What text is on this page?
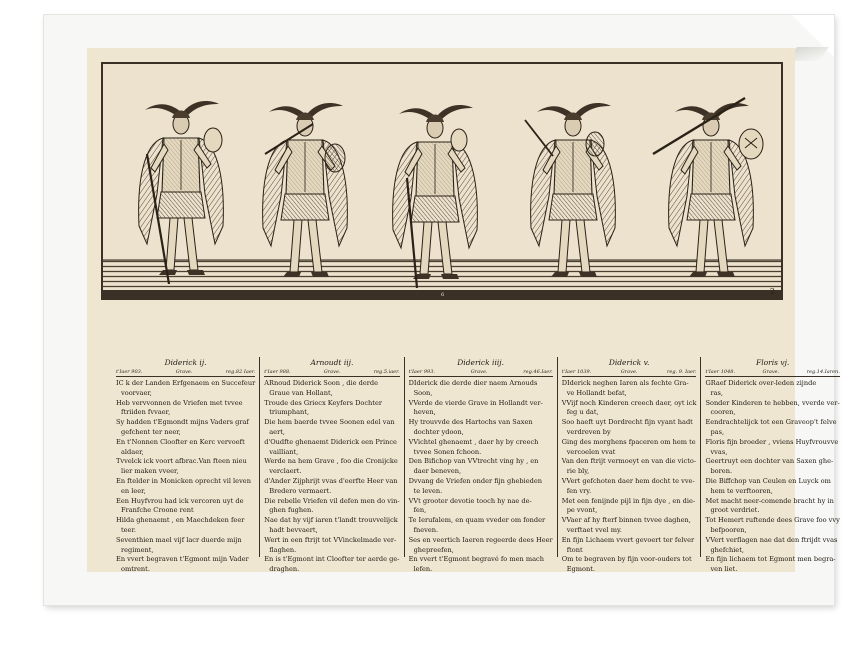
6	2
Diderick ij.
t'Iaer 903.	Grave.	reg.82 Iaer.
IC k der Landen Erfgenaem en Succefeur
voorvaer,
Heb vervvonnen de Vriefen met tvvee
ftriiden fvvaer,
Sy hadden t'Egmondt mijns Vaders graf
gefchent ter neer,
En t'Nonnen Cloofter en Kerc vervoeft
aldaer,
Tvvelck ick voort afbrac.Van fteen nieu
lier maken vveer,
En ftelder in Monicken oprecht vil leven
en leer,
Een Huyfvrou had ick vercoren uyt de
Franfche Croone rent
Hilda ghenaemt , en Maechdeken feer
teer.
Seventhien mael vijf lacr duerde mijn
regiment,
En vvert begraven t'Egmont mijn Vader
omtrent.
Arnoudt iij.
t'Iaer 988.	Grave.	reg.5.iaer.
ARnoud Diderick Soon , die derde
Graue van Hollant,
Troude des Griecx Keyfers Dochter
triumphant,
Die hem baerde tvvee Soonen edel van
aert,
d'Oudfte ghenaemt Diderick een Prince
vailliant,
Werde na hem Grave , foo die Cronijcke
verclaert.
d'Ander Zijphrijt vvas d'eerfte Heer van
Bredero vermaert.
Die rebelle Vriefen vil defen men do vin-
ghen fughen.
Nae dat hy vijf iaren t'landt trouvvelijck
hadt bevvaert,
Wert in een ftrijt tot VVinckelmade ver-
flaghen.
En is t'Egmont int Cloofter ter aerde ge-
draghen.
Diderick iiij.
t'Iaer 993.	Grave.	reg.46.Iaer.
DIderick die derde dier naem Arnouds
Soon,
VVerde de vierde Grave in Hollandt ver-
heven,
Hy trouvvde des Hartochs van Saxen
dochter ydoon,
VVichtel ghenaemt , daer hy by creech
tvvee Sonen fchoon.
Den Bifichop van VVtrecht ving hy , en
daer beneven,
Dvvang de Vriefen onder fijn ghebieden
te leven.
VVt grooter devotie tooch hy nae de-
fen,
Te Ierufalem, en quam vveder om fonder
fneven.
Ses en veertich Iaeren regeerde dees Heer
ghepreefen,
En vvert t'Egmont begravé fo men mach
lefen.
Diderick v.
t'Iaer 1039.	Grave.	reg. 9. Iaer.
DIderick neghen Iaren als fechte Gra-
ve Hollandt befat,
VVijf noch Kinderen creech daer, oyt ick
feg u dat,
Soo haeft uyt Dordrecht fijn vyant hadt
verdreven by
Ging des morghens fpaceren om hem te
vercoelen vvat
Van den ftrijt vermoeyt en van die victo-
rie bly,
VVert gefchoten daer hem docht te vve-
fen vry.
Met een fenijnde pijl in fijn dye , en die-
pe vvont,
VVaer af hy fterf binnen tvvee daghen,
verftaet vvel my.
En fijn Lichaem vvert gevoert ter felver
ftont
Om te begraven by fijn voor-ouders tot
Egmont.
Floris vj.
t'Iaer 1048.	Grave.	reg.14.Iaren.
GRaef Diderick over-leden zijnde
ras,
Sonder Kinderen te hebben, vverde ver-
cooren,
Eendrachtelijck tot een Graveop't felve
pas,
Floris fijn broeder , vviens Huyfvrouvve
vvas,
Geertruyt een dochter van Saxen ghe-
boren.
Die Biffchop van Ceulen en Luyck om
hem te verftooren,
Met macht neer-comende bracht hy in
groot verdriet.
Tot Hemert ruftende dees Grave foo vvy
befpooren,
VVert verflagen nae dat den ftrijdt vvas
ghefchiet,
En fijn lichaem tot Egmont men begra-
ven liet.
